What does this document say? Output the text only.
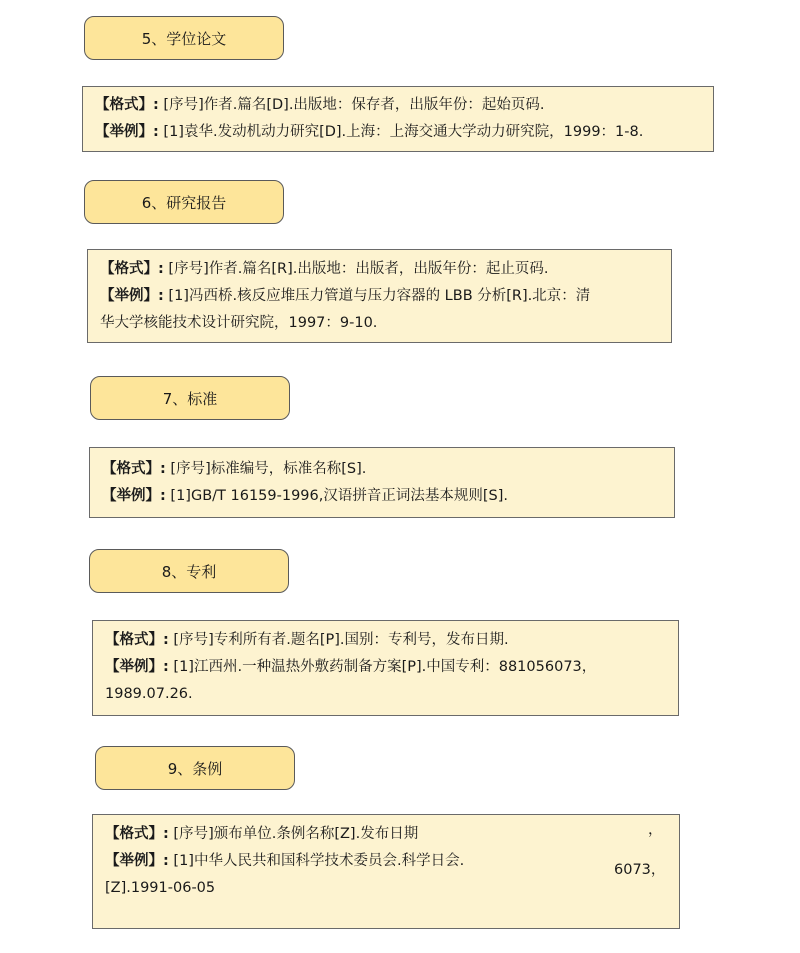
5、学位论文
【格式】: [序号]作者.篇名[D].出版地：保存者，出版年份：起始页码.
【举例】: [1]袁华.发动机动力研究[D].上海：上海交通大学动力研究院，1999：1-8.
6、研究报告
【格式】: [序号]作者.篇名[R].出版地：出版者，出版年份：起止页码.
【举例】: [1]冯西桥.核反应堆压力管道与压力容器的 LBB 分析[R].北京：清
华大学核能技术设计研究院，1997：9-10.
7、标准
【格式】: [序号]标准编号，标准名称[S].
【举例】: [1]GB/T 16159-1996,汉语拼音正词法基本规则[S].
8、专利
【格式】: [序号]专利所有者.题名[P].国别：专利号，发布日期.
【举例】: [1]江西州.一种温热外敷药制备方案[P].中国专利：881056073，
1989.07.26.
9、条例
【格式】: [序号]颁布单位.条例名称[Z].发布日期
【举例】: [1]中华人民共和国科学技术委员会.科学日会.
[Z].1991-06-05
，
6073，
